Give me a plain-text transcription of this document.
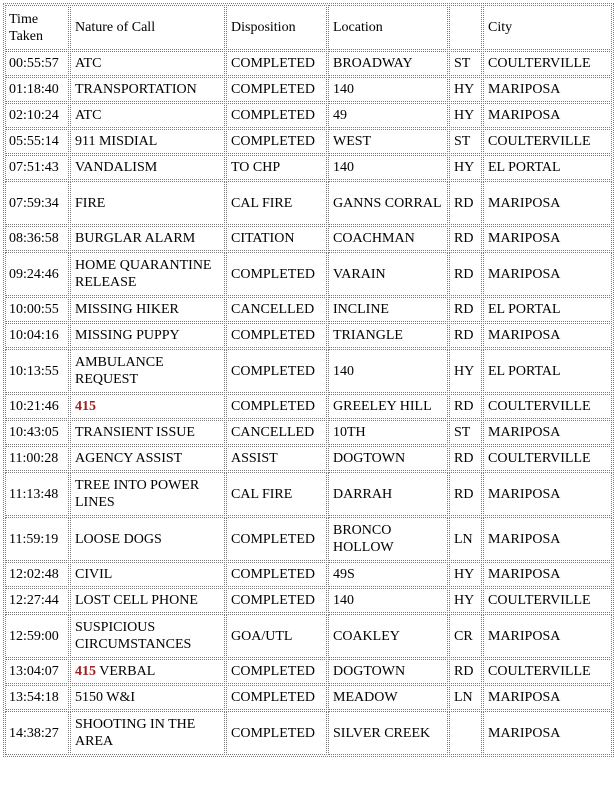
Time Taken	Nature of Call	Disposition	Location		City
00:55:57	ATC	COMPLETED	BROADWAY	ST	COULTERVILLE
01:18:40	TRANSPORTATION	COMPLETED	140	HY	MARIPOSA
02:10:24	ATC	COMPLETED	49	HY	MARIPOSA
05:55:14	911 MISDIAL	COMPLETED	WEST	ST	COULTERVILLE
07:51:43	VANDALISM	TO CHP	140	HY	EL PORTAL
07:59:34	FIRE	CAL FIRE	GANNS CORRAL	RD	MARIPOSA
08:36:58	BURGLAR ALARM	CITATION	COACHMAN	RD	MARIPOSA
09:24:46	HOME QUARANTINE RELEASE	COMPLETED	VARAIN	RD	MARIPOSA
10:00:55	MISSING HIKER	CANCELLED	INCLINE	RD	EL PORTAL
10:04:16	MISSING PUPPY	COMPLETED	TRIANGLE	RD	MARIPOSA
10:13:55	AMBULANCE REQUEST	COMPLETED	140	HY	EL PORTAL
10:21:46	415	COMPLETED	GREELEY HILL	RD	COULTERVILLE
10:43:05	TRANSIENT ISSUE	CANCELLED	10TH	ST	MARIPOSA
11:00:28	AGENCY ASSIST	ASSIST	DOGTOWN	RD	COULTERVILLE
11:13:48	TREE INTO POWER LINES	CAL FIRE	DARRAH	RD	MARIPOSA
11:59:19	LOOSE DOGS	COMPLETED	BRONCO HOLLOW	LN	MARIPOSA
12:02:48	CIVIL	COMPLETED	49S	HY	MARIPOSA
12:27:44	LOST CELL PHONE	COMPLETED	140	HY	COULTERVILLE
12:59:00	SUSPICIOUS CIRCUMSTANCES	GOA/UTL	COAKLEY	CR	MARIPOSA
13:04:07	415 VERBAL	COMPLETED	DOGTOWN	RD	COULTERVILLE
13:54:18	5150 W&I	COMPLETED	MEADOW	LN	MARIPOSA
14:38:27	SHOOTING IN THE AREA	COMPLETED	SILVER CREEK		MARIPOSA
